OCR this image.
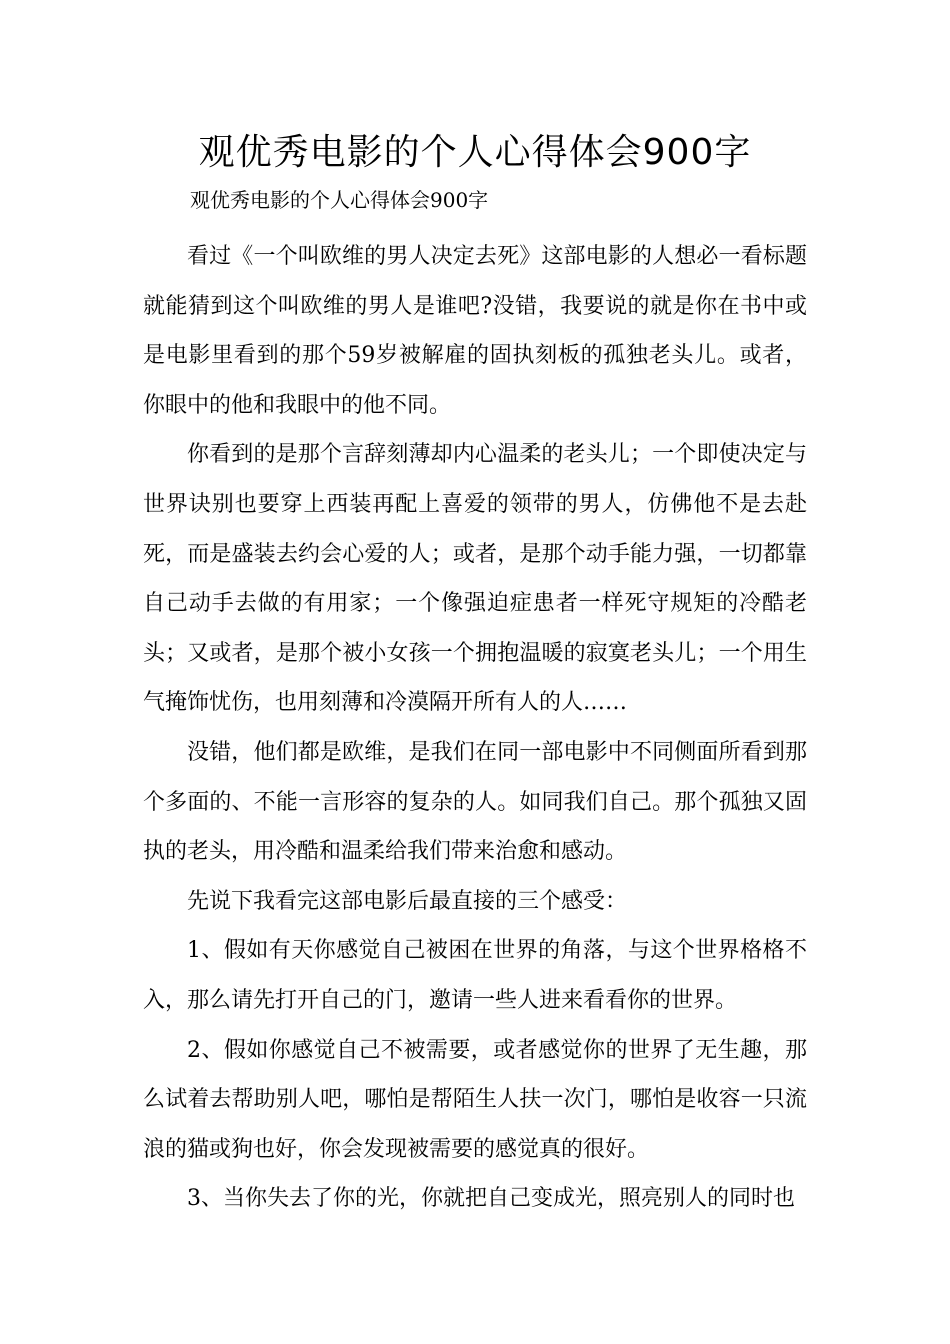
观优秀电影的个人心得体会900字
观优秀电影的个人心得体会900字

看过《一个叫欧维的男人决定去死》这部电影的人想必一看标题就能猜到这个叫欧维的男人是谁吧?没错，我要说的就是你在书中或是电影里看到的那个59岁被解雇的固执刻板的孤独老头儿。或者，你眼中的他和我眼中的他不同。

你看到的是那个言辞刻薄却内心温柔的老头儿；一个即使决定与世界诀别也要穿上西装再配上喜爱的领带的男人，仿佛他不是去赴死，而是盛装去约会心爱的人；或者，是那个动手能力强，一切都靠自己动手去做的有用家；一个像强迫症患者一样死守规矩的冷酷老头；又或者，是那个被小女孩一个拥抱温暖的寂寞老头儿；一个用生气掩饰忧伤，也用刻薄和冷漠隔开所有人的人……

没错，他们都是欧维，是我们在同一部电影中不同侧面所看到那个多面的、不能一言形容的复杂的人。如同我们自己。那个孤独又固执的老头，用冷酷和温柔给我们带来治愈和感动。

先说下我看完这部电影后最直接的三个感受：

1、假如有天你感觉自己被困在世界的角落，与这个世界格格不入，那么请先打开自己的门，邀请一些人进来看看你的世界。

2、假如你感觉自己不被需要，或者感觉你的世界了无生趣，那么试着去帮助别人吧，哪怕是帮陌生人扶一次门，哪怕是收容一只流浪的猫或狗也好，你会发现被需要的感觉真的很好。

3、当你失去了你的光，你就把自己变成光，照亮别人的同时也
